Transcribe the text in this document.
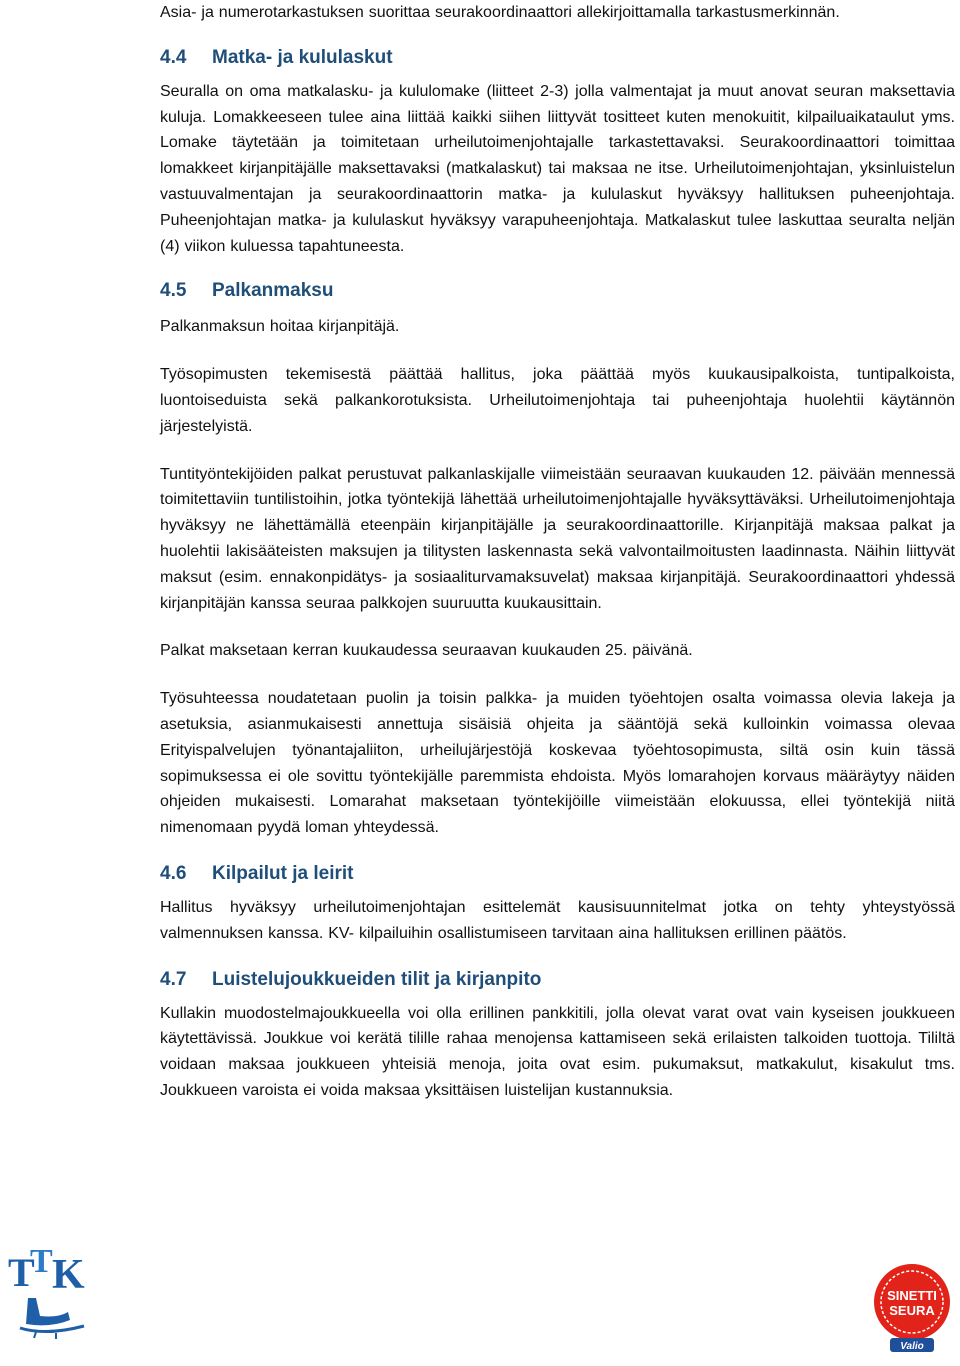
Asia- ja numerotarkastuksen suorittaa seurakoordinaattori allekirjoittamalla tarkastusmerkinnän.

4.4	Matka- ja kululaskut

Seuralla on oma matkalasku- ja kululomake (liitteet 2-3) jolla valmentajat ja muut anovat seuran maksettavia kuluja. Lomakkeeseen tulee aina liittää kaikki siihen liittyvät tositteet kuten menokuitit, kilpailuaikataulut yms. Lomake täytetään ja toimitetaan urheilutoimenjohtajalle tarkastettavaksi. Seurakoordinaattori toimittaa lomakkeet kirjanpitäjälle maksettavaksi (matkalaskut) tai maksaa ne itse. Urheilutoimenjohtajan, yksinluistelun vastuuvalmentajan ja seurakoordinaattorin matka- ja kululaskut hyväksyy hallituksen puheenjohtaja. Puheenjohtajan matka- ja kululaskut hyväksyy varapuheenjohtaja. Matkalaskut tulee laskuttaa seuralta neljän (4) viikon kuluessa tapahtuneesta.

4.5	Palkanmaksu

Palkanmaksun hoitaa kirjanpitäjä.

Työsopimusten tekemisestä päättää hallitus, joka päättää myös kuukausipalkoista, tuntipalkoista, luontoiseduista sekä palkankorotuksista. Urheilutoimenjohtaja tai puheenjohtaja huolehtii käytännön järjestelyistä.

Tuntityöntekijöiden palkat perustuvat palkanlaskijalle viimeistään seuraavan kuukauden 12. päivään mennessä toimitettaviin tuntilistoihin, jotka työntekijä lähettää urheilutoimenjohtajalle hyväksyttäväksi. Urheilutoimenjohtaja hyväksyy ne lähettämällä eteenpäin kirjanpitäjälle ja seurakoordinaattorille. Kirjanpitäjä maksaa palkat ja huolehtii lakisääteisten maksujen ja tilitysten laskennasta sekä valvontailmoitusten laadinnasta. Näihin liittyvät maksut (esim. ennakonpidätys- ja sosiaaliturvamaksuvelat) maksaa kirjanpitäjä. Seurakoordinaattori yhdessä kirjanpitäjän kanssa seuraa palkkojen suuruutta kuukausittain.

Palkat maksetaan kerran kuukaudessa seuraavan kuukauden 25. päivänä.

Työsuhteessa noudatetaan puolin ja toisin palkka- ja muiden työehtojen osalta voimassa olevia lakeja ja asetuksia, asianmukaisesti annettuja sisäisiä ohjeita ja sääntöjä sekä kulloinkin voimassa olevaa Erityispalvelujen työnantajaliiton, urheilujärjestöjä koskevaa työehtosopimusta, siltä osin kuin tässä sopimuksessa ei ole sovittu työntekijälle paremmista ehdoista. Myös lomarahojen korvaus määräytyy näiden ohjeiden mukaisesti. Lomarahat maksetaan työntekijöille viimeistään elokuussa, ellei työntekijä niitä nimenomaan pyydä loman yhteydessä.

4.6	Kilpailut ja leirit

Hallitus hyväksyy urheilutoimenjohtajan esittelemät kausisuunnitelmat jotka on tehty yhteystyössä valmennuksen kanssa. KV- kilpailuihin osallistumiseen tarvitaan aina hallituksen erillinen päätös.

4.7	Luistelujoukkueiden tilit ja kirjanpito

Kullakin muodostelmajoukkueella voi olla erillinen pankkitili, jolla olevat varat ovat vain kyseisen joukkueen käytettävissä. Joukkue voi kerätä tilille rahaa menojensa kattamiseen sekä erilaisten talkoiden tuottoja. Tililtä voidaan maksaa joukkueen yhteisiä menoja, joita ovat esim. pukumaksut, matkakulut, kisakulut tms. Joukkueen varoista ei voida maksaa yksittäisen luistelijan kustannuksia.

T
T K	SINETTI
SEURA
Valio
